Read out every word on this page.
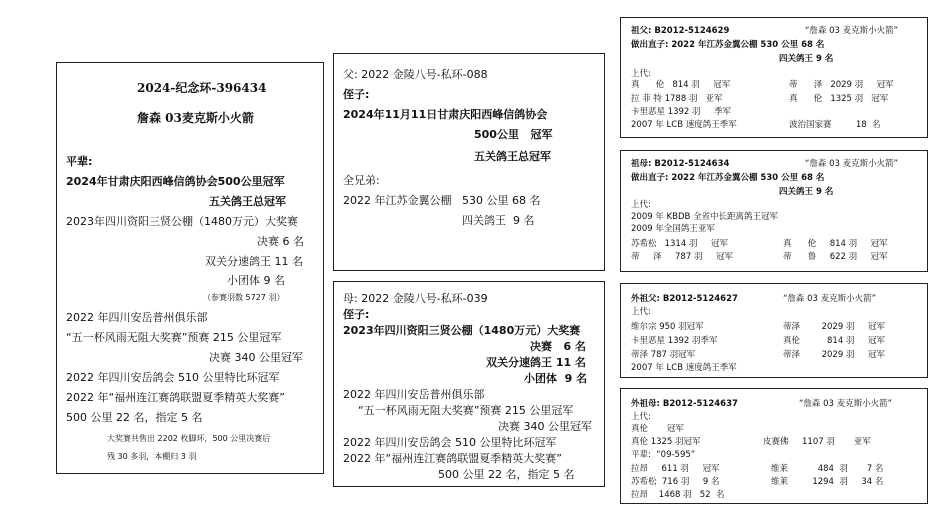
2024-纪念环-396434
詹森 03麦克斯小火箭
平辈:
2024年甘肃庆阳西峰信鸽协会500公里冠军
五关鸽王总冠军
2023年四川资阳三贤公棚（1480万元）大奖赛
决赛 6 名
双关分速鸽王 11 名
小团体 9 名
（参赛羽数 5727 羽）
2022 年四川安岳普州俱乐部
“五一杯风雨无阻大奖赛”预赛 215 公里冠军
决赛 340 公里冠军
2022 年四川安岳鸽会 510 公里特比环冠军
2022 年“福州连江赛鸽联盟夏季精英大奖赛”
500 公里 22 名，指定 5 名
大奖赛共售出 2202 枚脚环，500 公里决赛后
残 30 多羽，本棚归 3 羽
父: 2022 金陵八号-私环-088
侄子:
2024年11月11日甘肃庆阳西峰信鸽协会
500公里   冠军
五关鸽王总冠军
全兄弟:
2022 年江苏金翼公棚   530 公里 68 名
四关鸽王  9 名
母: 2022 金陵八号-私环-039
侄子:
2023年四川资阳三贤公棚（1480万元）大奖赛
决赛   6 名
双关分速鸽王 11 名
小团体  9 名
2022 年四川安岳普州俱乐部
“五一杯风雨无阻大奖赛”预赛 215 公里冠军
决赛 340 公里冠军
2022 年四川安岳鸽会 510 公里特比环冠军
2022 年“福州连江赛鸽联盟夏季精英大奖赛”
500 公里 22 名，指定 5 名
祖父: B2012-5124629	“詹森 03 麦克斯小火箭”
做出直子: 2022 年江苏金翼公棚 530 公里 68 名
四关鸽王 9 名
上代:
真      伦   814 羽     冠军	蒂      泽   2029 羽     冠军
拉 菲 特 1788 羽   亚军	真      伦   1325 羽   冠军
卡里恶星 1392 羽     季军
2007 年 LCB 速度鸽王季军	波治国家赛         18  名
祖母: B2012-5124634	“詹森 03 麦克斯小火箭”
做出直子: 2022 年江苏金翼公棚 530 公里 68 名
四关鸽王 9 名
上代:
2009 年 KBDB 全省中长距离鸽王冠军
2009 年全国鸽王亚军
苏希松   1314 羽     冠军	真      伦     814 羽     冠军
蒂     泽     787 羽     冠军	蒂      鲁     622 羽     冠军
外祖父: B2012-5124627	“詹森 03 麦克斯小火箭”
上代:
维尔宗 950 羽冠军	蒂泽        2029 羽     冠军
卡里恶星 1392 羽季军	真伦          814 羽     冠军
蒂泽 787 羽冠军	蒂泽        2029 羽     冠军
2007 年 LCB 速度鸽王季军
外祖母: B2012-5124637	“詹森 03 麦克斯小火箭”
上代:
真伦       冠军
真伦 1325 羽冠军	皮赛佛     1107 羽       亚军
平辈:  “09-595”
拉昂     611 羽     冠军	维莱           484  羽       7 名
苏希松  716 羽     9 名	维莱         1294  羽     34 名
拉昂    1468 羽   52  名
